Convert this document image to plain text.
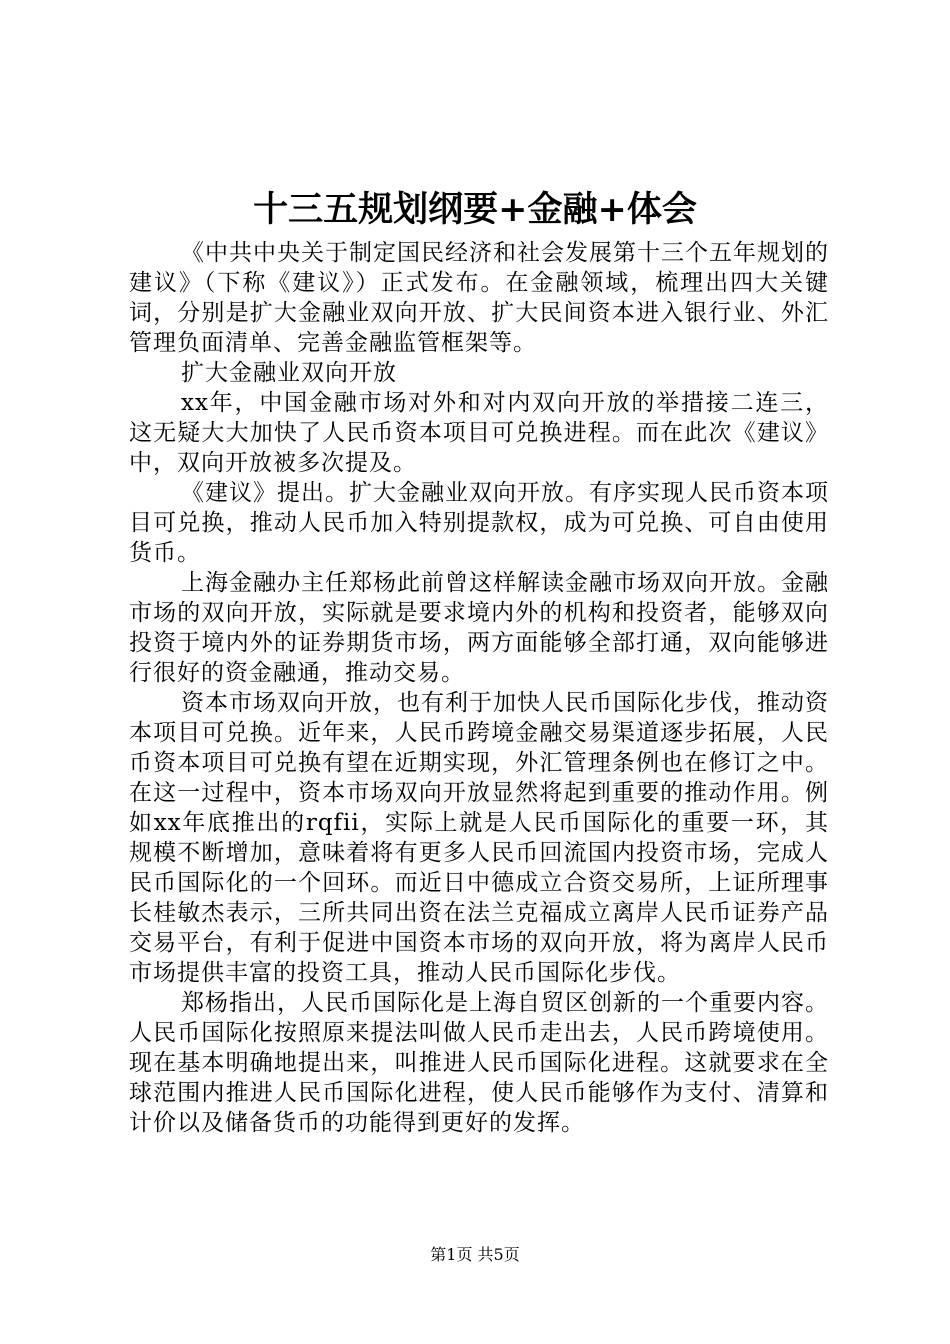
十三五规划纲要+金融+体会

《中共中央关于制定国民经济和社会发展第十三个五年规划的建议》（下称《建议》）正式发布。在金融领域，梳理出四大关键词，分别是扩大金融业双向开放、扩大民间资本进入银行业、外汇管理负面清单、完善金融监管框架等。

扩大金融业双向开放

xx年，中国金融市场对外和对内双向开放的举措接二连三，这无疑大大加快了人民币资本项目可兑换进程。而在此次《建议》中，双向开放被多次提及。

《建议》提出。扩大金融业双向开放。有序实现人民币资本项目可兑换，推动人民币加入特别提款权，成为可兑换、可自由使用货币。

上海金融办主任郑杨此前曾这样解读金融市场双向开放。金融市场的双向开放，实际就是要求境内外的机构和投资者，能够双向投资于境内外的证券期货市场，两方面能够全部打通，双向能够进行很好的资金融通，推动交易。

资本市场双向开放，也有利于加快人民币国际化步伐，推动资本项目可兑换。近年来，人民币跨境金融交易渠道逐步拓展，人民币资本项目可兑换有望在近期实现，外汇管理条例也在修订之中。在这一过程中，资本市场双向开放显然将起到重要的推动作用。例如xx年底推出的rqfii，实际上就是人民币国际化的重要一环，其规模不断增加，意味着将有更多人民币回流国内投资市场，完成人民币国际化的一个回环。而近日中德成立合资交易所，上证所理事长桂敏杰表示，三所共同出资在法兰克福成立离岸人民币证券产品交易平台，有利于促进中国资本市场的双向开放，将为离岸人民币市场提供丰富的投资工具，推动人民币国际化步伐。

郑杨指出，人民币国际化是上海自贸区创新的一个重要内容。人民币国际化按照原来提法叫做人民币走出去，人民币跨境使用。现在基本明确地提出来，叫推进人民币国际化进程。这就要求在全球范围内推进人民币国际化进程，使人民币能够作为支付、清算和计价以及储备货币的功能得到更好的发挥。

第1页 共5页
